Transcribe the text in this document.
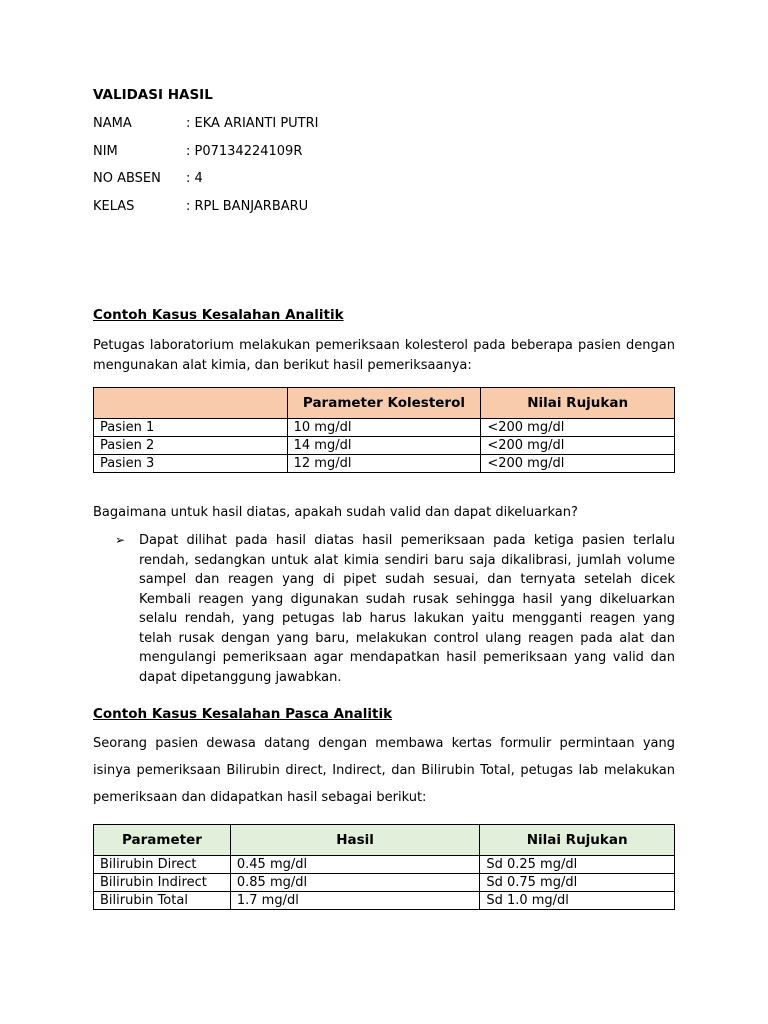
VALIDASI HASIL
NAMA	: EKA ARIANTI PUTRI
NIM	: P07134224109R
NO ABSEN : 4
KELAS	: RPL BANJARBARU
Contoh Kasus Kesalahan Analitik
Petugas laboratorium melakukan pemeriksaan kolesterol pada beberapa pasien dengan mengunakan alat kimia, dan berikut hasil pemeriksaanya:
	Parameter Kolesterol	Nilai Rujukan
Pasien 1	10 mg/dl	<200 mg/dl
Pasien 2	14 mg/dl	<200 mg/dl
Pasien 3	12 mg/dl	<200 mg/dl
Bagaimana untuk hasil diatas, apakah sudah valid dan dapat dikeluarkan?
➢ Dapat dilihat pada hasil diatas hasil pemeriksaan pada ketiga pasien terlalu rendah, sedangkan untuk alat kimia sendiri baru saja dikalibrasi, jumlah volume sampel dan reagen yang di pipet sudah sesuai, dan ternyata setelah dicek Kembali reagen yang digunakan sudah rusak sehingga hasil yang dikeluarkan selalu rendah, yang petugas lab harus lakukan yaitu mengganti reagen yang telah rusak dengan yang baru, melakukan control ulang reagen pada alat dan mengulangi pemeriksaan agar mendapatkan hasil pemeriksaan yang valid dan dapat dipetanggung jawabkan.
Contoh Kasus Kesalahan Pasca Analitik
Seorang pasien dewasa datang dengan membawa kertas formulir permintaan yang isinya pemeriksaan Bilirubin direct, Indirect, dan Bilirubin Total, petugas lab melakukan pemeriksaan dan didapatkan hasil sebagai berikut:
Parameter	Hasil	Nilai Rujukan
Bilirubin Direct	0.45 mg/dl	Sd 0.25 mg/dl
Bilirubin Indirect	0.85 mg/dl	Sd 0.75 mg/dl
Bilirubin Total	1.7 mg/dl	Sd 1.0 mg/dl
